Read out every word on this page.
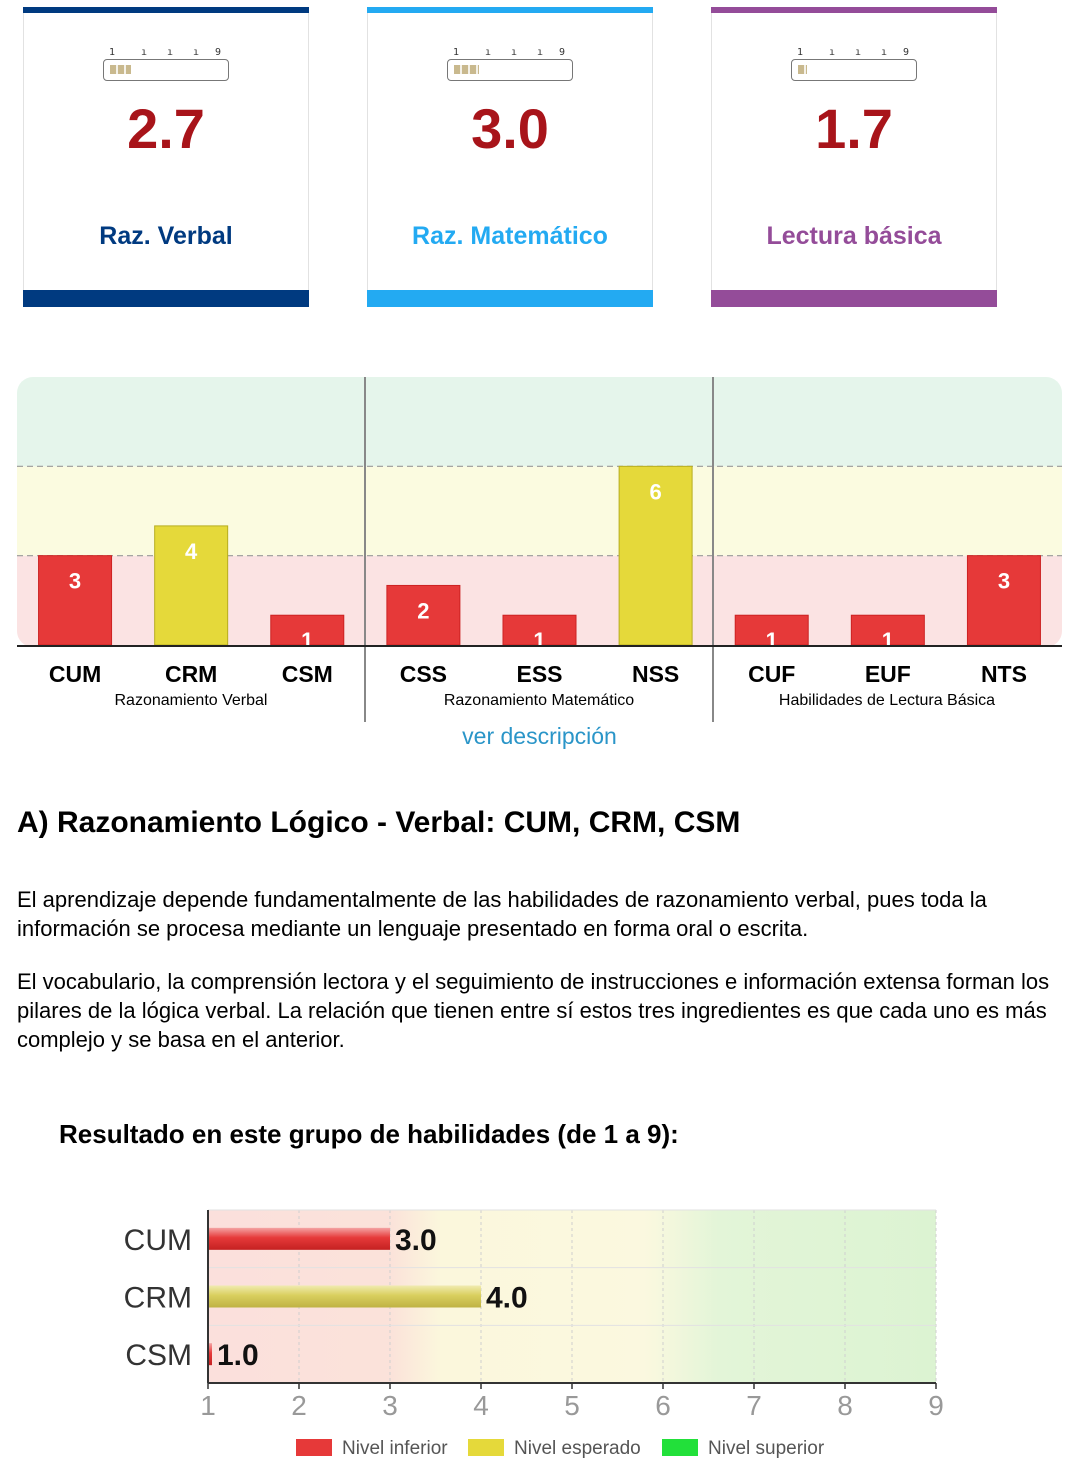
1	ı ı ı 9
2.7
Raz. Verbal
1	ı ı ı 9
3.0
Raz. Matemático
1	ı ı ı 9
1.7
Lectura básica
3
4
1
2
1
6
1	1
3
CUM	CRM	CSM	CSS	ESS	NSS	CUF	EUF	NTS
Razonamiento Verbal	Razonamiento Matemático	Habilidades de Lectura Básica
ver descripción
A) Razonamiento Lógico - Verbal: CUM, CRM, CSM

El aprendizaje depende fundamentalmente de las habilidades de razonamiento verbal, pues toda la información se procesa mediante un lenguaje presentado en forma oral o escrita.

El vocabulario, la comprensión lectora y el seguimiento de instrucciones e información extensa forman los pilares de la lógica verbal. La relación que tienen entre sí estos tres ingredientes es que cada uno es más complejo y se basa en el anterior.

Resultado en este grupo de habilidades (de 1 a 9):
3.0
CUM
4.0
CRM
1.0
CSM
1	2	3	4	5	6	7	8	9
Nivel inferior	Nivel esperado	Nivel superior
